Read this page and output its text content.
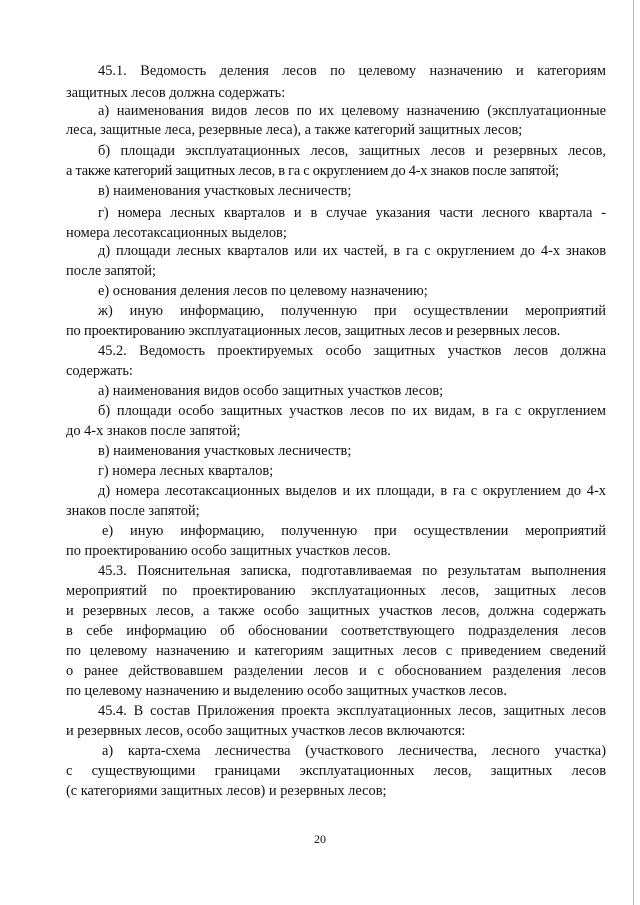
45.1. Ведомость деления лесов по целевому назначению и категориям
защитных лесов должна содержать:
а) наименования видов лесов по их целевому назначению (эксплуатационные
леса, защитные леса, резервные леса), а также категорий защитных лесов;
б) площади эксплуатационных лесов, защитных лесов и резервных лесов,
а также категорий защитных лесов, в га с округлением до 4-х знаков после запятой;
в) наименования участковых лесничеств;
г) номера лесных кварталов и в случае указания части лесного квартала -
номера лесотаксационных выделов;
д) площади лесных кварталов или их частей, в га с округлением до 4-х знаков
после запятой;
е) основания деления лесов по целевому назначению;
ж) иную информацию, полученную при осуществлении мероприятий
по проектированию эксплуатационных лесов, защитных лесов и резервных лесов.
45.2. Ведомость проектируемых особо защитных участков лесов должна
содержать:
а) наименования видов особо защитных участков лесов;
б) площади особо защитных участков лесов по их видам, в га с округлением
до 4-х знаков после запятой;
в) наименования участковых лесничеств;
г) номера лесных кварталов;
д) номера лесотаксационных выделов и их площади, в га с округлением до 4-х
знаков после запятой;
е) иную информацию, полученную при осуществлении мероприятий
по проектированию особо защитных участков лесов.
45.3. Пояснительная записка, подготавливаемая по результатам выполнения
мероприятий по проектированию эксплуатационных лесов, защитных лесов
и резервных лесов, а также особо защитных участков лесов, должна содержать
в себе информацию об обосновании соответствующего подразделения лесов
по целевому назначению и категориям защитных лесов с приведением сведений
о ранее действовавшем разделении лесов и с обоснованием разделения лесов
по целевому назначению и выделению особо защитных участков лесов.
45.4. В состав Приложения проекта эксплуатационных лесов, защитных лесов
и резервных лесов, особо защитных участков лесов включаются:
а) карта-схема лесничества (участкового лесничества, лесного участка)
с существующими границами эксплуатационных лесов, защитных лесов
(с категориями защитных лесов) и резервных лесов;
20
